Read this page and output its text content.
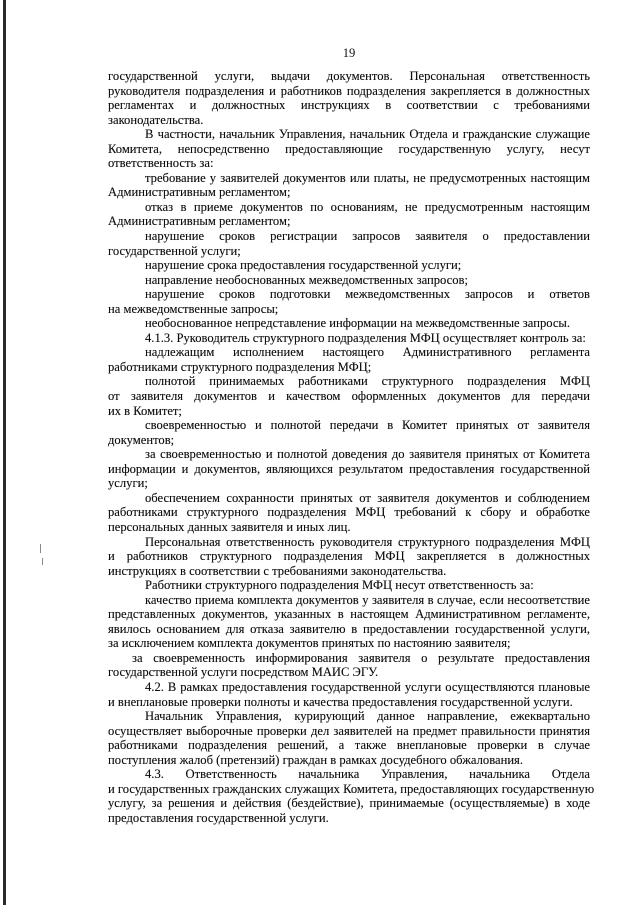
19
государственной услуги, выдачи документов. Персональная ответственность
руководителя подразделения и работников подразделения закрепляется в должностных
регламентах и должностных инструкциях в соответствии с требованиями
законодательства.
В частности, начальник Управления, начальник Отдела и гражданские служащие
Комитета, непосредственно предоставляющие государственную услугу, несут
ответственность за:
требование у заявителей документов или платы, не предусмотренных настоящим
Административным регламентом;
отказ в приеме документов по основаниям, не предусмотренным настоящим
Административным регламентом;
нарушение сроков регистрации запросов заявителя о предоставлении
государственной услуги;
нарушение срока предоставления государственной услуги;
направление необоснованных межведомственных запросов;
нарушение сроков подготовки межведомственных запросов и ответов
на межведомственные запросы;
необоснованное непредставление информации на межведомственные запросы.
4.1.3. Руководитель структурного подразделения МФЦ осуществляет контроль за:
надлежащим исполнением настоящего Административного регламента
работниками структурного подразделения МФЦ;
полнотой принимаемых работниками структурного подразделения МФЦ
от заявителя документов и качеством оформленных документов для передачи
их в Комитет;
своевременностью и полнотой передачи в Комитет принятых от заявителя
документов;
за своевременностью и полнотой доведения до заявителя принятых от Комитета
информации и документов, являющихся результатом предоставления государственной
услуги;
обеспечением сохранности принятых от заявителя документов и соблюдением
работниками структурного подразделения МФЦ требований к сбору и обработке
персональных данных заявителя и иных лиц.
Персональная ответственность руководителя структурного подразделения МФЦ
и работников структурного подразделения МФЦ закрепляется в должностных
инструкциях в соответствии с требованиями законодательства.
Работники структурного подразделения МФЦ несут ответственность за:
качество приема комплекта документов у заявителя в случае, если несоответствие
представленных документов, указанных в настоящем Административном регламенте,
явилось основанием для отказа заявителю в предоставлении государственной услуги,
за исключением комплекта документов принятых по настоянию заявителя;
за своевременность информирования заявителя о результате предоставления
государственной услуги посредством МАИС ЭГУ.
4.2. В рамках предоставления государственной услуги осуществляются плановые
и внеплановые проверки полноты и качества предоставления государственной услуги.
Начальник Управления, курирующий данное направление, ежеквартально
осуществляет выборочные проверки дел заявителей на предмет правильности принятия
работниками подразделения решений, а также внеплановые проверки в случае
поступления жалоб (претензий) граждан в рамках досудебного обжалования.
4.3. Ответственность начальника Управления, начальника Отдела
и государственных гражданских служащих Комитета, предоставляющих государственную
услугу, за решения и действия (бездействие), принимаемые (осуществляемые) в ходе
предоставления государственной услуги.
